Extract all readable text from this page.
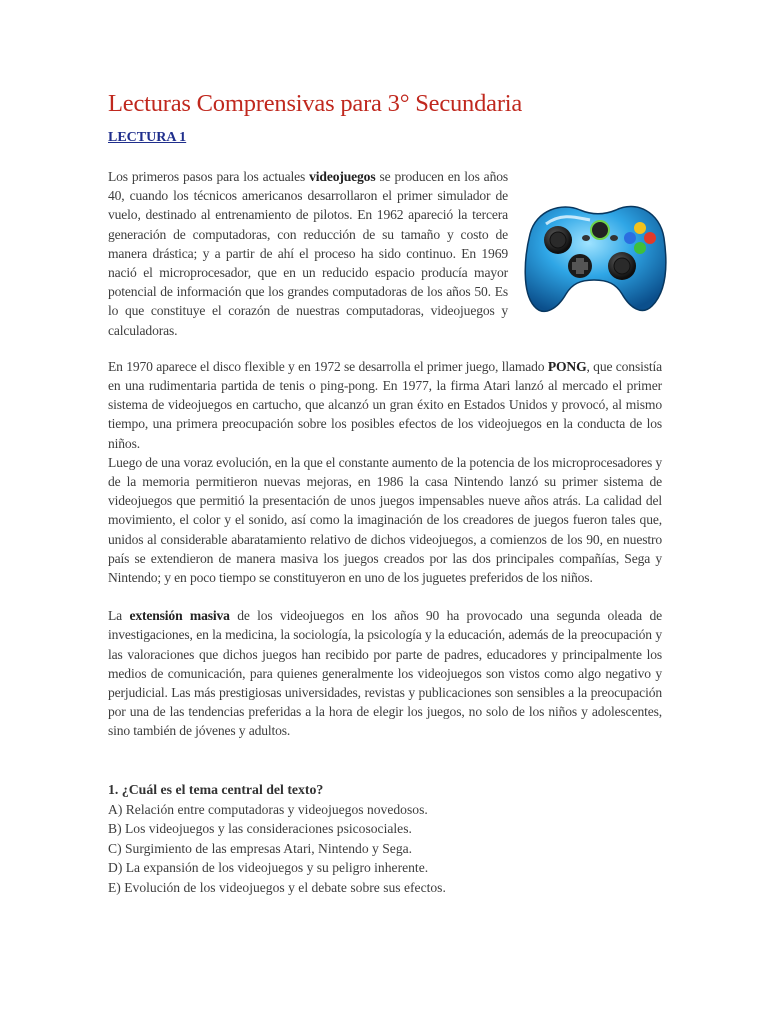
Lecturas Comprensivas para 3° Secundaria
LECTURA 1

Los primeros pasos para los actuales videojuegos se producen en los años 40, cuando los técnicos americanos desarrollaron el primer simulador de vuelo, destinado al entrenamiento de pilotos. En 1962 apareció la tercera generación de computadoras, con reducción de su tamaño y costo de manera drástica; y a partir de ahí el proceso ha sido continuo. En 1969 nació el microprocesador, que en un reducido espacio producía mayor potencial de información que los grandes computadoras de los años 50. Es lo que constituye el corazón de nuestras computadoras, videojuegos y calculadoras.

En 1970 aparece el disco flexible y en 1972 se desarrolla el primer juego, llamado PONG, que consistía en una rudimentaria partida de tenis o ping-pong. En 1977, la firma Atari lanzó al mercado el primer sistema de videojuegos en cartucho, que alcanzó un gran éxito en Estados Unidos y provocó, al mismo tiempo, una primera preocupación sobre los posibles efectos de los videojuegos en la conducta de los niños.

Luego de una voraz evolución, en la que el constante aumento de la potencia de los microprocesadores y de la memoria permitieron nuevas mejoras, en 1986 la casa Nintendo lanzó su primer sistema de videojuegos que permitió la presentación de unos juegos impensables nueve años atrás. La calidad del movimiento, el color y el sonido, así como la imaginación de los creadores de juegos fueron tales que, unidos al considerable abaratamiento relativo de dichos videojuegos, a comienzos de los 90, en nuestro país se extendieron de manera masiva los juegos creados por las dos principales compañías, Sega y Nintendo; y en poco tiempo se constituyeron en uno de los juguetes preferidos de los niños.

La extensión masiva de los videojuegos en los años 90 ha provocado una segunda oleada de investigaciones, en la medicina, la sociología, la psicología y la educación, además de la preocupación y las valoraciones que dichos juegos han recibido por parte de padres, educadores y principalmente los medios de comunicación, para quienes generalmente los videojuegos son vistos como algo negativo y perjudicial. Las más prestigiosas universidades, revistas y publicaciones son sensibles a la preocupación por una de las tendencias preferidas a la hora de elegir los juegos, no solo de los niños y adolescentes, sino también de jóvenes y adultos.

1. ¿Cuál es el tema central del texto?
A) Relación entre computadoras y videojuegos novedosos.
B) Los videojuegos y las consideraciones psicosociales.
C) Surgimiento de las empresas Atari, Nintendo y Sega.
D) La expansión de los videojuegos y su peligro inherente.
E) Evolución de los videojuegos y el debate sobre sus efectos.
